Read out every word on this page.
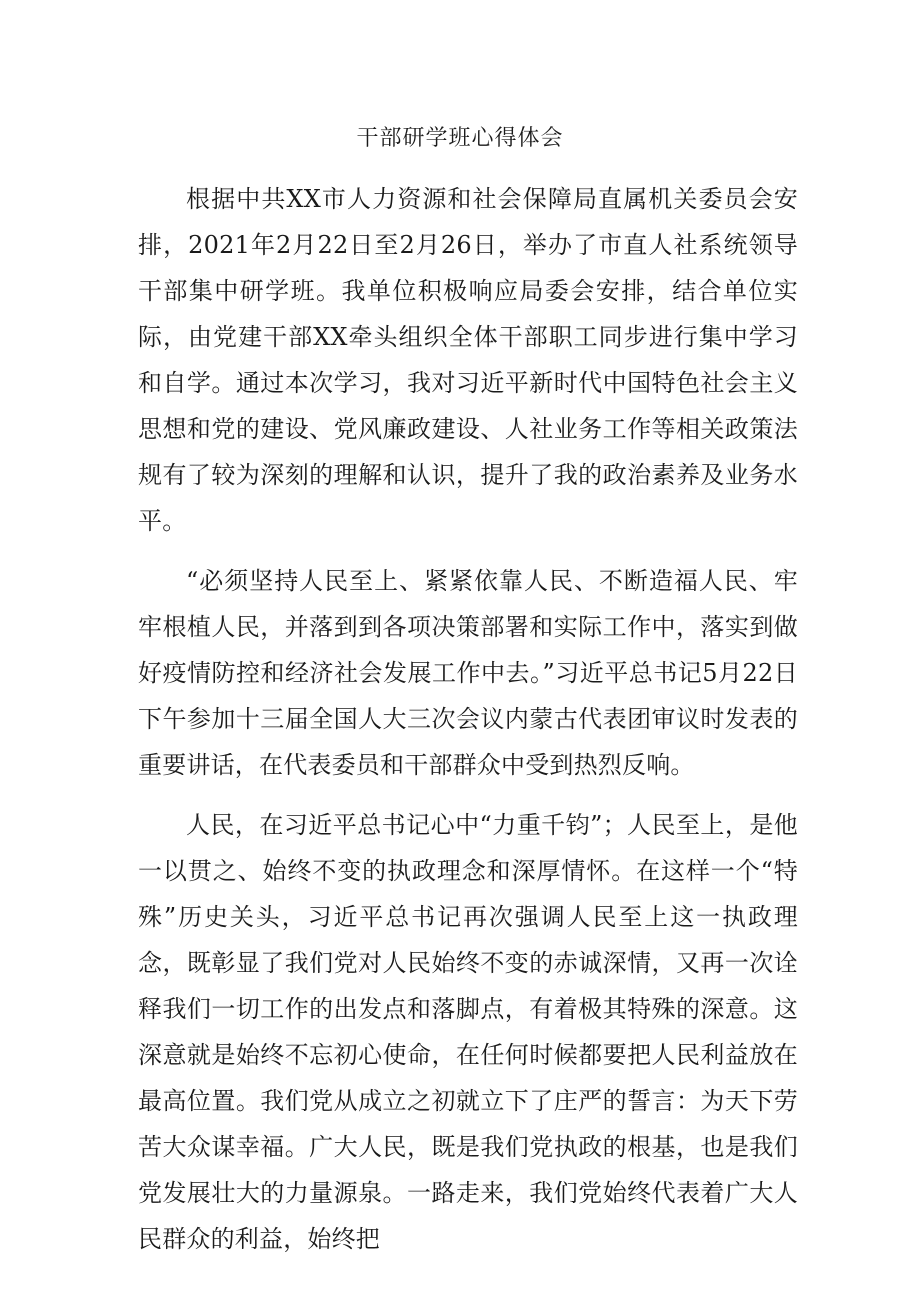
干部研学班心得体会

根据中共XX市人力资源和社会保障局直属机关委员会安排，2021年2月22日至2月26日，举办了市直人社系统领导干部集中研学班。我单位积极响应局委会安排，结合单位实际，由党建干部XX牵头组织全体干部职工同步进行集中学习和自学。通过本次学习，我对习近平新时代中国特色社会主义思想和党的建设、党风廉政建设、人社业务工作等相关政策法规有了较为深刻的理解和认识，提升了我的政治素养及业务水平。

“必须坚持人民至上、紧紧依靠人民、不断造福人民、牢牢根植人民，并落到到各项决策部署和实际工作中，落实到做好疫情防控和经济社会发展工作中去。”习近平总书记5月22日下午参加十三届全国人大三次会议内蒙古代表团审议时发表的重要讲话，在代表委员和干部群众中受到热烈反响。

人民，在习近平总书记心中“力重千钧”；人民至上，是他一以贯之、始终不变的执政理念和深厚情怀。在这样一个“特殊”历史关头，习近平总书记再次强调人民至上这一执政理念，既彰显了我们党对人民始终不变的赤诚深情，又再一次诠释我们一切工作的出发点和落脚点，有着极其特殊的深意。这深意就是始终不忘初心使命，在任何时候都要把人民利益放在最高位置。我们党从成立之初就立下了庄严的誓言：为天下劳苦大众谋幸福。广大人民，既是我们党执政的根基，也是我们党发展壮大的力量源泉。一路走来，我们党始终代表着广大人民群众的利益，始终把
